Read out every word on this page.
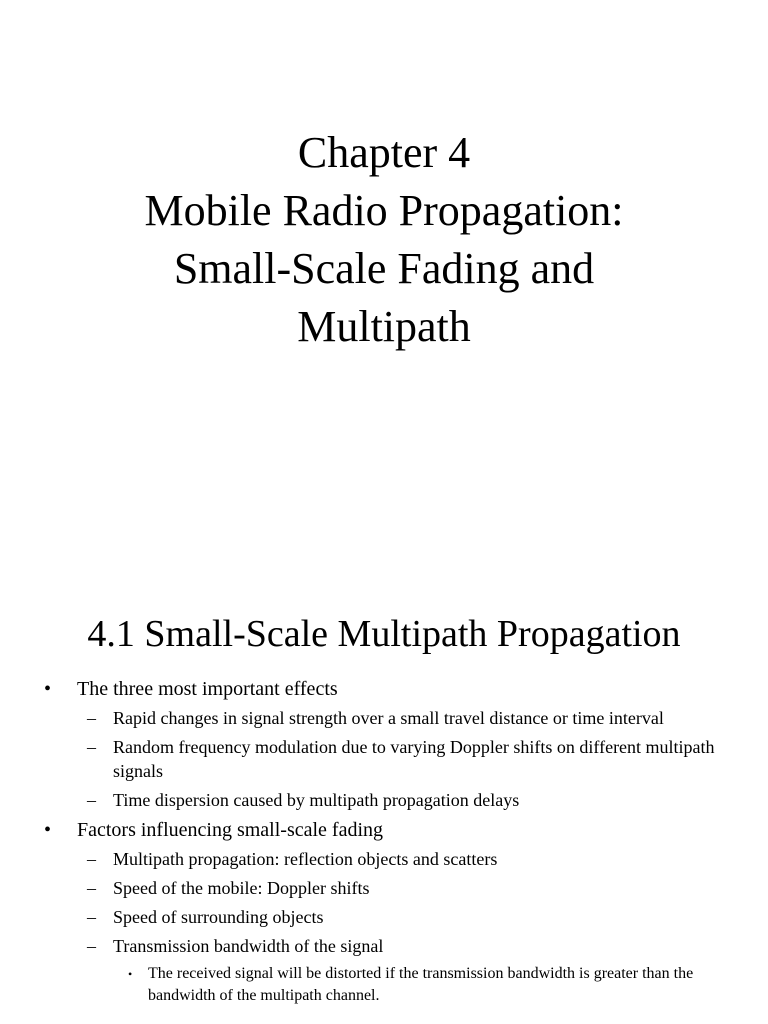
Chapter 4
Mobile Radio Propagation:
Small-Scale Fading and
Multipath
4.1 Small-Scale Multipath Propagation
• The three most important effects
– Rapid changes in signal strength over a small travel distance or time interval
– Random frequency modulation due to varying Doppler shifts on different multipath signals
– Time dispersion caused by multipath propagation delays
• Factors influencing small-scale fading
– Multipath propagation: reflection objects and scatters
– Speed of the mobile: Doppler shifts
– Speed of surrounding objects
– Transmission bandwidth of the signal
• The received signal will be distorted if the transmission bandwidth is greater than the bandwidth of the multipath channel.
